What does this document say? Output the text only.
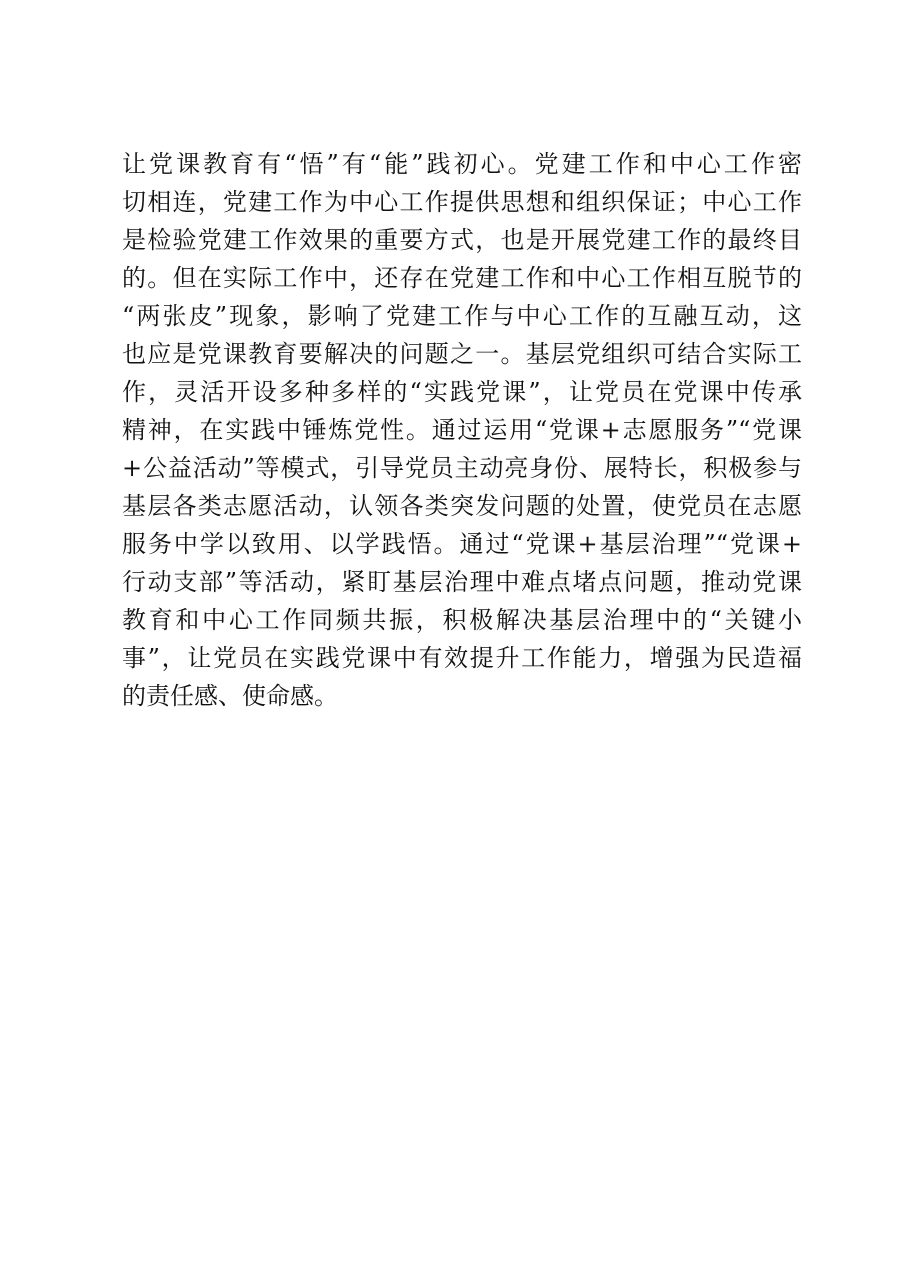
让党课教育有“悟”有“能”践初心。党建工作和中心工作密
切相连，党建工作为中心工作提供思想和组织保证；中心工作
是检验党建工作效果的重要方式，也是开展党建工作的最终目
的。但在实际工作中，还存在党建工作和中心工作相互脱节的
“两张皮”现象，影响了党建工作与中心工作的互融互动，这
也应是党课教育要解决的问题之一。基层党组织可结合实际工
作，灵活开设多种多样的“实践党课”，让党员在党课中传承
精神，在实践中锤炼党性。通过运用“党课+志愿服务”“党课
+公益活动”等模式，引导党员主动亮身份、展特长，积极参与
基层各类志愿活动，认领各类突发问题的处置，使党员在志愿
服务中学以致用、以学践悟。通过“党课+基层治理”“党课+
行动支部”等活动，紧盯基层治理中难点堵点问题，推动党课
教育和中心工作同频共振，积极解决基层治理中的“关键小
事”，让党员在实践党课中有效提升工作能力，增强为民造福
的责任感、使命感。
